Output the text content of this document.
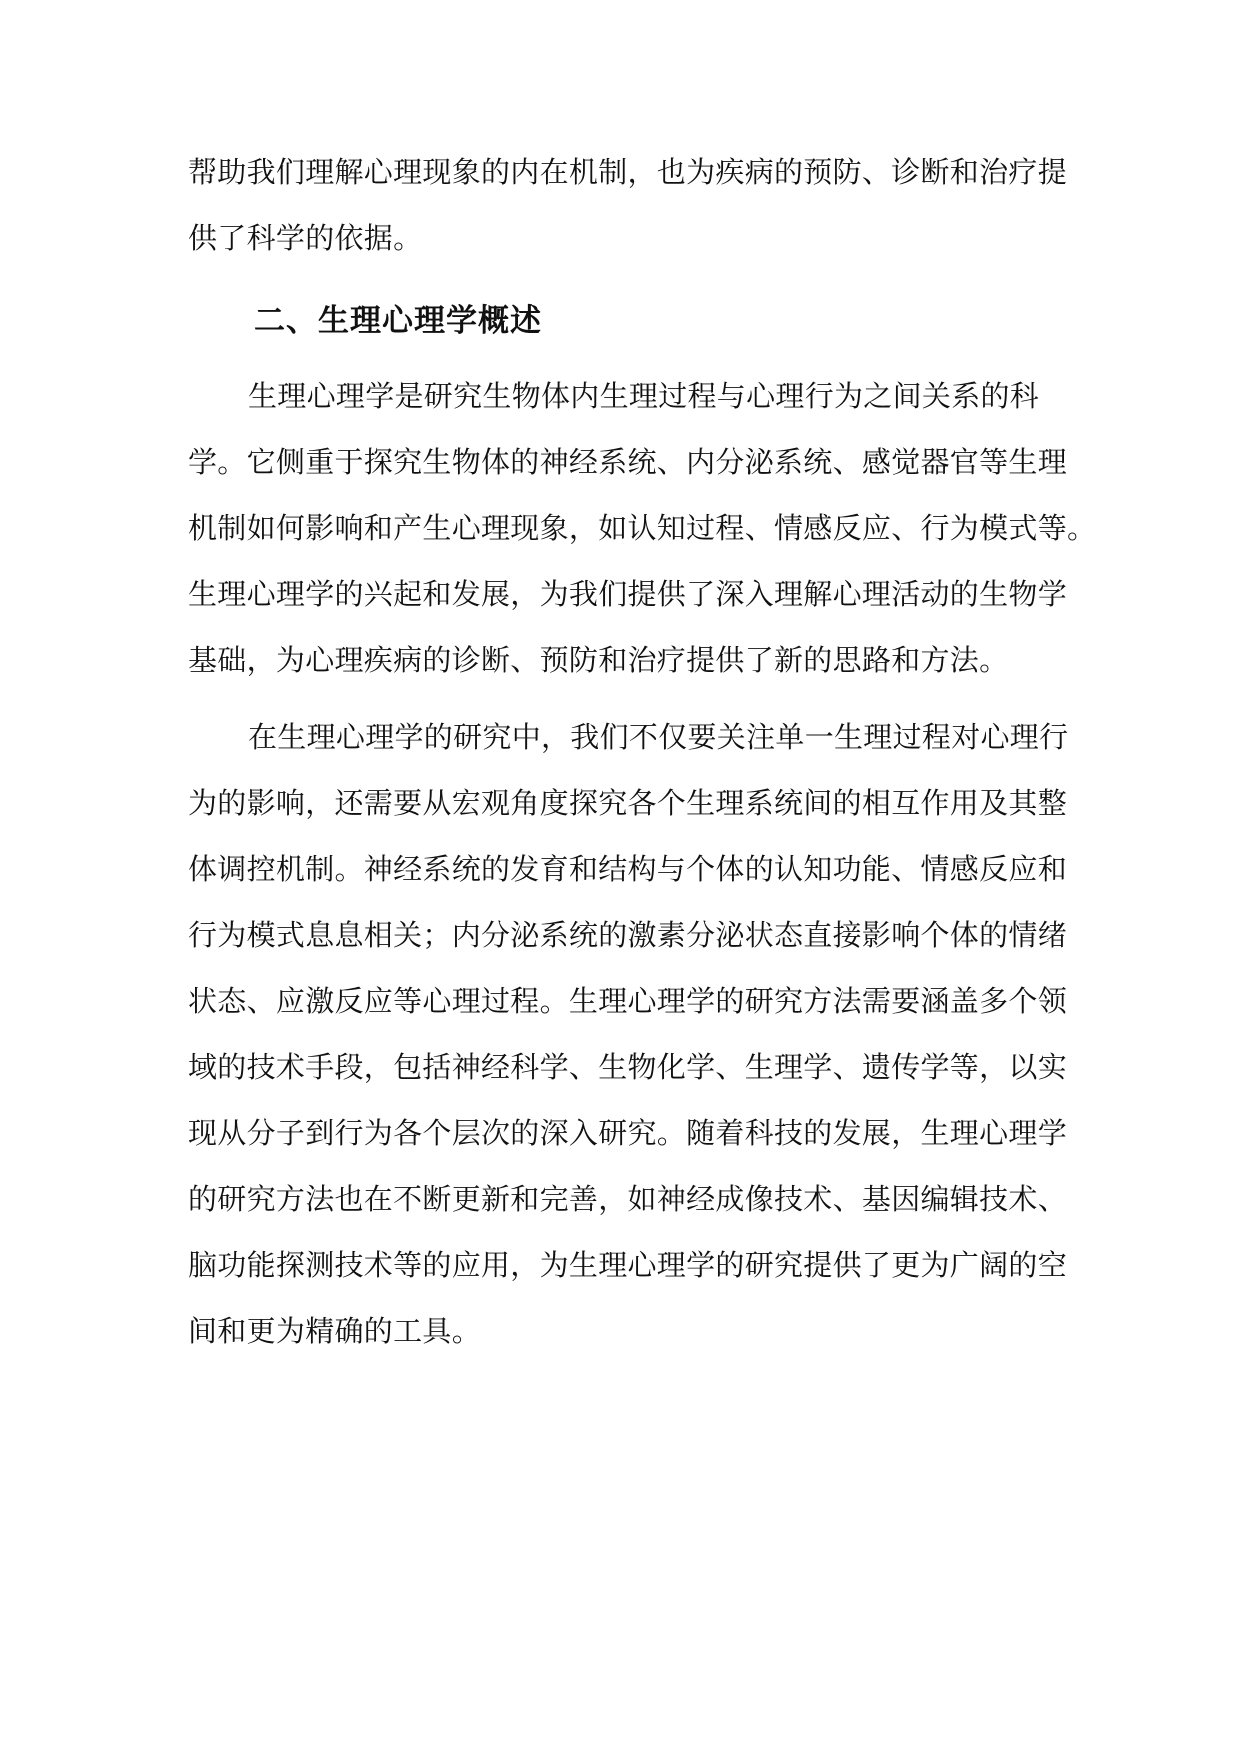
帮助我们理解心理现象的内在机制，也为疾病的预防、诊断和治疗提
供了科学的依据。
二、生理心理学概述
生理心理学是研究生物体内生理过程与心理行为之间关系的科
学。它侧重于探究生物体的神经系统、内分泌系统、感觉器官等生理
机制如何影响和产生心理现象，如认知过程、情感反应、行为模式等。
生理心理学的兴起和发展，为我们提供了深入理解心理活动的生物学
基础，为心理疾病的诊断、预防和治疗提供了新的思路和方法。
在生理心理学的研究中，我们不仅要关注单一生理过程对心理行
为的影响，还需要从宏观角度探究各个生理系统间的相互作用及其整
体调控机制。神经系统的发育和结构与个体的认知功能、情感反应和
行为模式息息相关；内分泌系统的激素分泌状态直接影响个体的情绪
状态、应激反应等心理过程。生理心理学的研究方法需要涵盖多个领
域的技术手段，包括神经科学、生物化学、生理学、遗传学等，以实
现从分子到行为各个层次的深入研究。随着科技的发展，生理心理学
的研究方法也在不断更新和完善，如神经成像技术、基因编辑技术、
脑功能探测技术等的应用，为生理心理学的研究提供了更为广阔的空
间和更为精确的工具。
